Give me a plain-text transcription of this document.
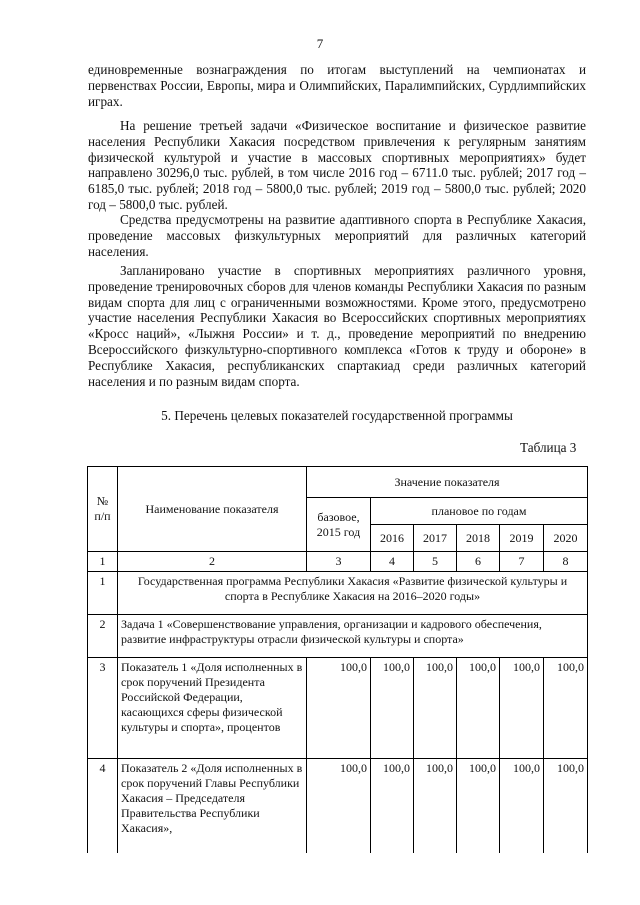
7

единовременные вознаграждения по итогам выступлений на чемпионатах и первенствах России, Европы, мира и Олимпийских, Паралимпийских, Сурдлимпийских играх.

На решение третьей задачи «Физическое воспитание и физическое развитие населения Республики Хакасия посредством привлечения к регулярным занятиям физической культурой и участие в массовых спортивных мероприятиях» будет направлено 30296,0 тыс. рублей, в том числе 2016 год – 6711.0 тыс. рублей; 2017 год – 6185,0 тыс. рублей; 2018 год – 5800,0 тыс. рублей; 2019 год – 5800,0 тыс. рублей; 2020 год – 5800,0 тыс. рублей.

Средства предусмотрены на развитие адаптивного спорта в Республике Хакасия, проведение массовых физкультурных мероприятий для различных категорий населения.

Запланировано участие в спортивных мероприятиях различного уровня, проведение тренировочных сборов для членов команды Республики Хакасия по разным видам спорта для лиц с ограниченными возможностями. Кроме этого, предусмотрено участие населения Республики Хакасия во Всероссийских спортивных мероприятиях «Кросс наций», «Лыжня России» и т. д., проведение мероприятий по внедрению Всероссийского физкультурно-спортивного комплекса «Готов к труду и обороне» в Республике Хакасия, республиканских спартакиад среди различных категорий населения и по разным видам спорта.

5. Перечень целевых показателей государственной программы
Таблица 3
№ п/п	Наименование показателя	Значение показателя					
		базовое, 2015 год	плановое по годам				
			2016	2017	2018	2019	2020
1	2	3	4	5	6	7	8
1	Государственная программа Республики Хакасия «Развитие физической культуры и спорта в Республике Хакасия на 2016–2020 годы»						
2	Задача 1 «Совершенствование управления, организации и кадрового обеспечения, развитие инфраструктуры отрасли физической культуры и спорта»						
3	Показатель 1 «Доля исполненных в срок поручений Президента Российской Федерации, касающихся сферы физической культуры и спорта», процентов	100,0	100,0	100,0	100,0	100,0	100,0
4	Показатель 2 «Доля исполненных в срок поручений Главы Республики Хакасия – Председателя Правительства Республики Хакасия»,	100,0	100,0	100,0	100,0	100,0	100,0
